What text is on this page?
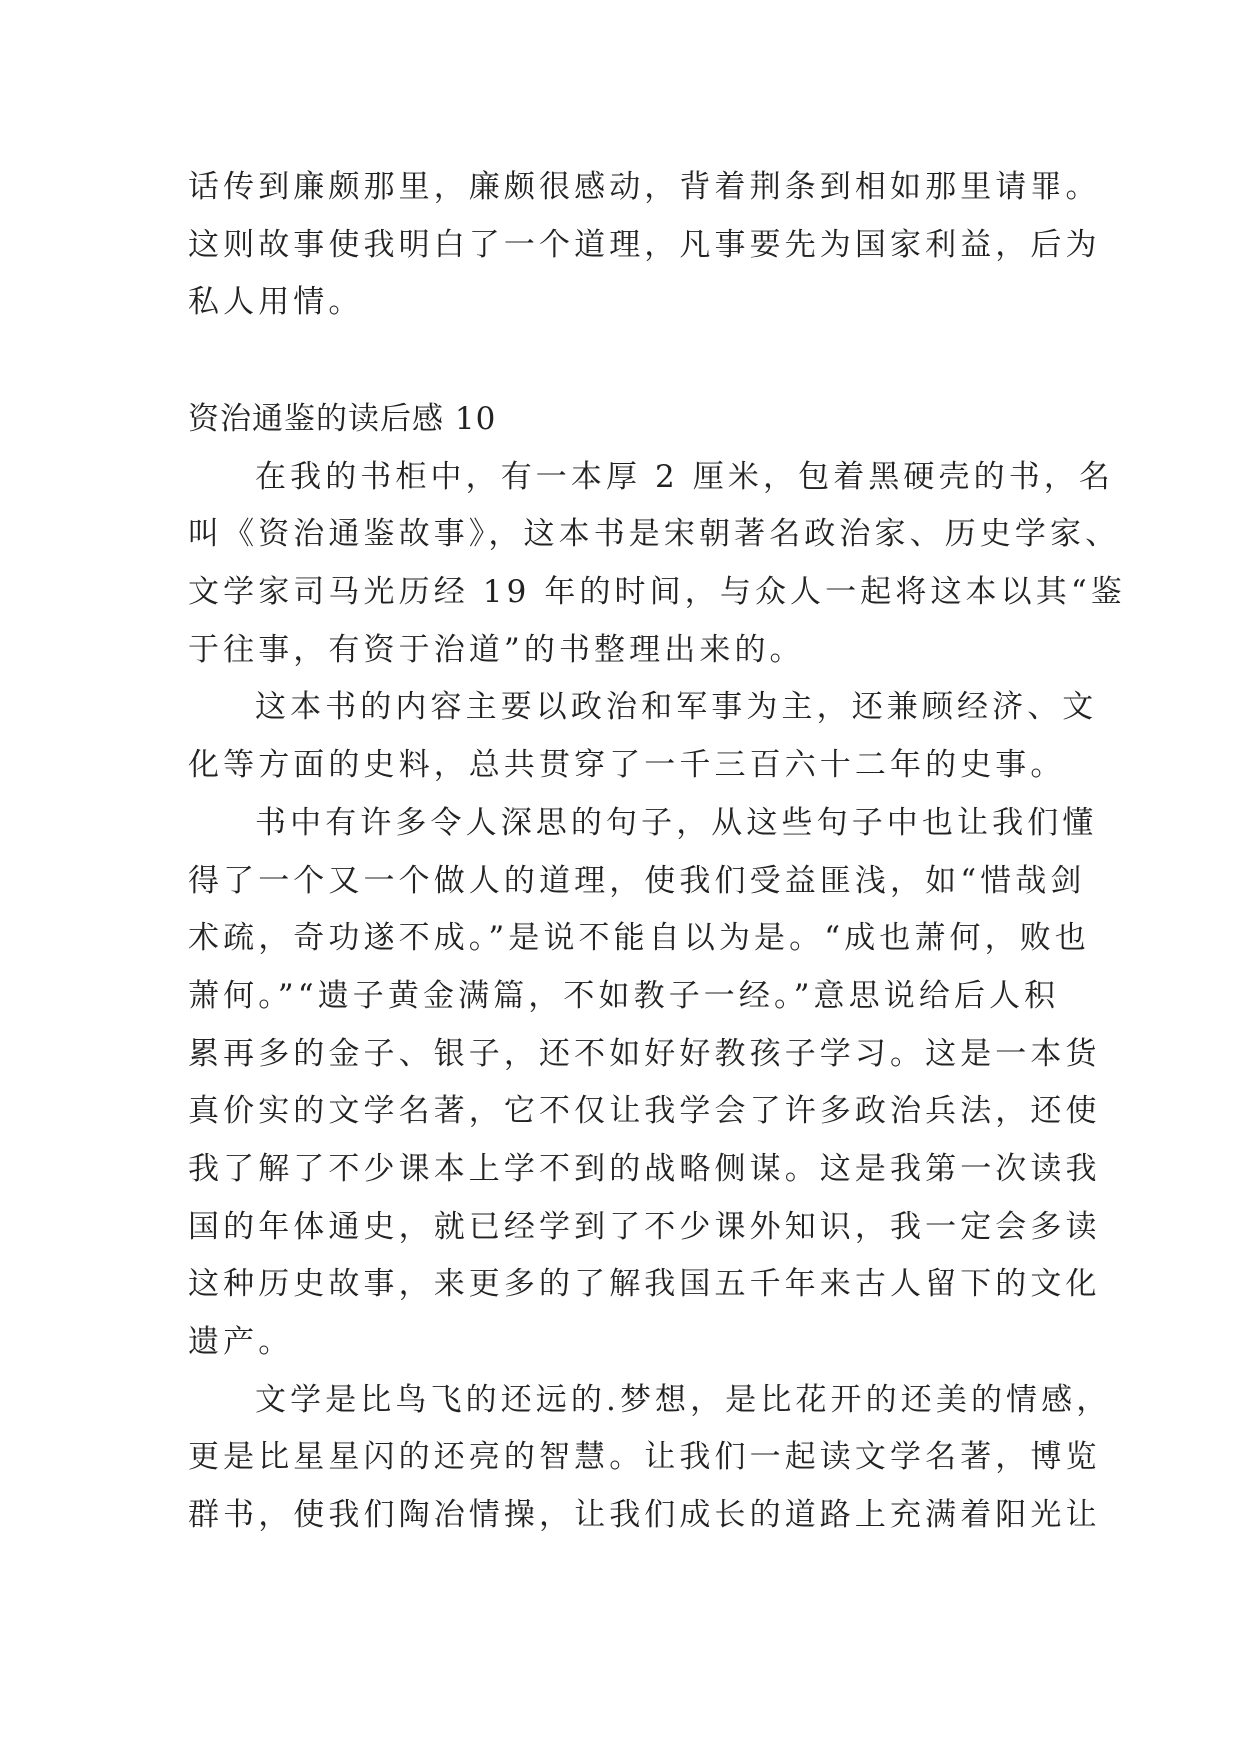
话传到廉颇那里，廉颇很感动，背着荆条到相如那里请罪。
这则故事使我明白了一个道理，凡事要先为国家利益，后为
私人用情。
资治通鉴的读后感 10
在我的书柜中，有一本厚 2 厘米，包着黑硬壳的书，名
叫《资治通鉴故事》，这本书是宋朝著名政治家、历史学家、
文学家司马光历经 19 年的时间，与众人一起将这本以其“鉴
于往事，有资于治道”的书整理出来的。
这本书的内容主要以政治和军事为主，还兼顾经济、文
化等方面的史料，总共贯穿了一千三百六十二年的史事。
书中有许多令人深思的句子，从这些句子中也让我们懂
得了一个又一个做人的道理，使我们受益匪浅，如“惜哉剑
术疏，奇功遂不成。”是说不能自以为是。“成也萧何，败也
萧何。”“遗子黄金满篇，不如教子一经。”意思说给后人积
累再多的金子、银子，还不如好好教孩子学习。这是一本货
真价实的文学名著，它不仅让我学会了许多政治兵法，还使
我了解了不少课本上学不到的战略侧谋。这是我第一次读我
国的年体通史，就已经学到了不少课外知识，我一定会多读
这种历史故事，来更多的了解我国五千年来古人留下的文化
遗产。
文学是比鸟飞的还远的.梦想，是比花开的还美的情感，
更是比星星闪的还亮的智慧。让我们一起读文学名著，博览
群书，使我们陶冶情操，让我们成长的道路上充满着阳光让
